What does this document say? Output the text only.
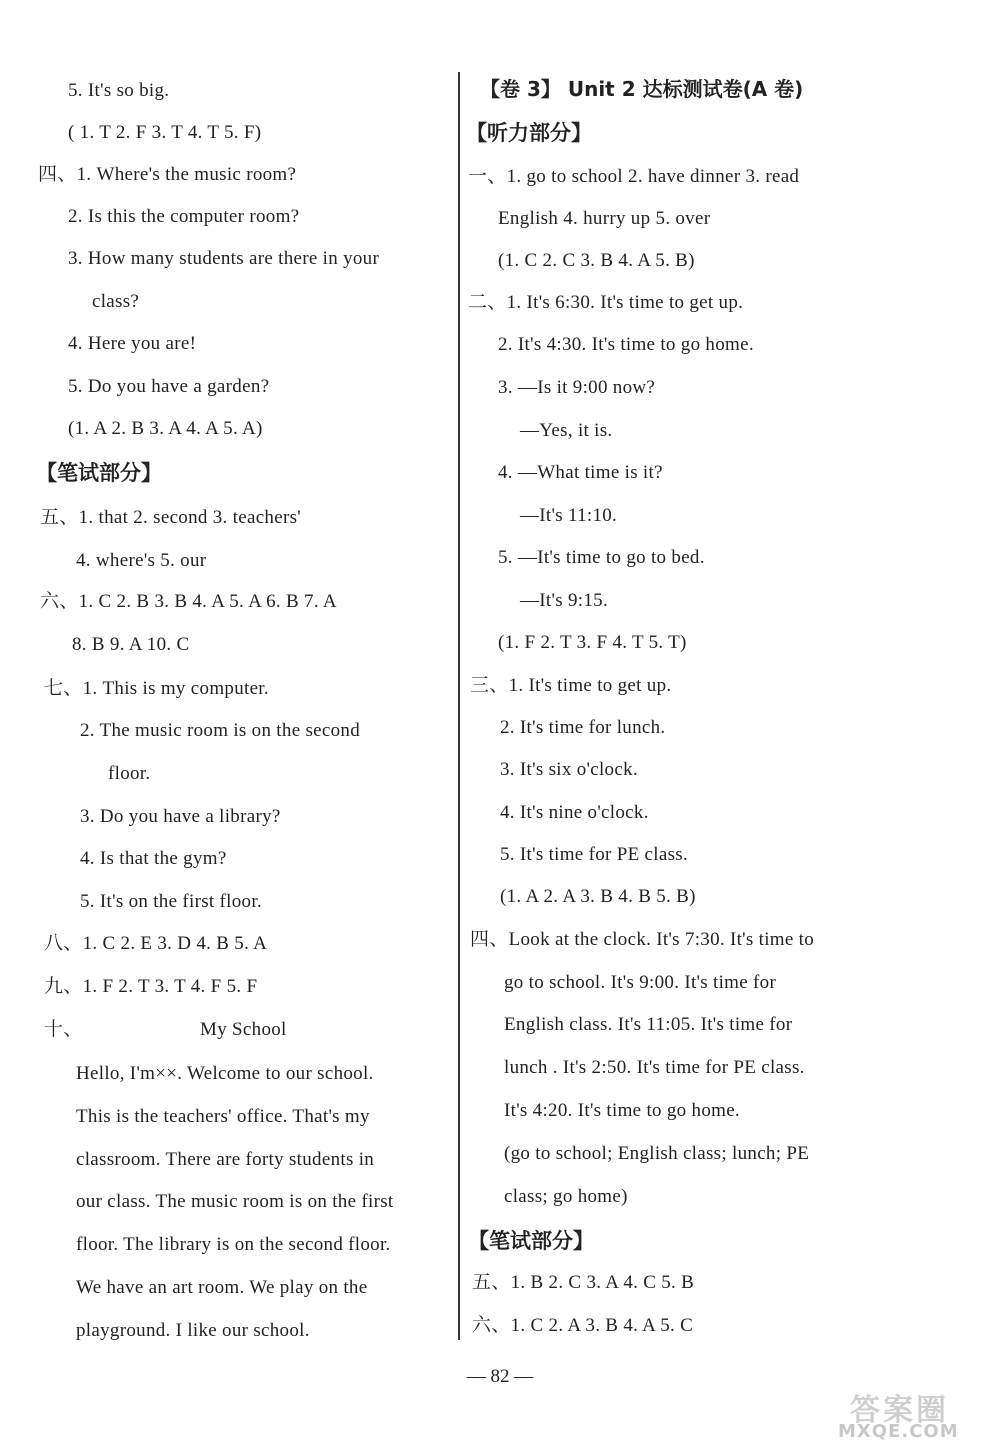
5. It's so big.
( 1. T 2. F 3. T 4. T 5. F)
四、1. Where's the music room?
2. Is this the computer room?
3. How many students are there in your
class?
4. Here you are!
5. Do you have a garden?
(1. A 2. B 3. A 4. A 5. A)
【笔试部分】
五、1. that 2. second 3. teachers'
4. where's 5. our
六、1. C 2. B 3. B 4. A 5. A 6. B 7. A
8. B 9. A 10. C
七、1. This is my computer.
2. The music room is on the second
floor.
3. Do you have a library?
4. Is that the gym?
5. It's on the first floor.
八、1. C 2. E 3. D 4. B 5. A
九、1. F 2. T 3. T 4. F 5. F
十、	My School
Hello, I'm××. Welcome to our school.
This is the teachers' office. That's my
classroom. There are forty students in
our class. The music room is on the first
floor. The library is on the second floor.
We have an art room. We play on the
playground. I like our school.
【卷 3】 Unit 2 达标测试卷(A 卷)
【听力部分】
一、1. go to school 2. have dinner 3. read
English 4. hurry up 5. over
(1. C 2. C 3. B 4. A 5. B)
二、1. It's 6:30. It's time to get up.
2. It's 4:30. It's time to go home.
3. —Is it 9:00 now?
—Yes, it is.
4. —What time is it?
—It's 11:10.
5. —It's time to go to bed.
—It's 9:15.
(1. F 2. T 3. F 4. T 5. T)
三、1. It's time to get up.
2. It's time for lunch.
3. It's six o'clock.
4. It's nine o'clock.
5. It's time for PE class.
(1. A 2. A 3. B 4. B 5. B)
四、Look at the clock. It's 7:30. It's time to
go to school. It's 9:00. It's time for
English class. It's 11:05. It's time for
lunch . It's 2:50. It's time for PE class.
It's 4:20. It's time to go home.
(go to school; English class; lunch; PE
class; go home)
【笔试部分】
五、1. B 2. C 3. A 4. C 5. B
六、1. C 2. A 3. B 4. A 5. C
— 82 —
答案圈
MXQE.COM
